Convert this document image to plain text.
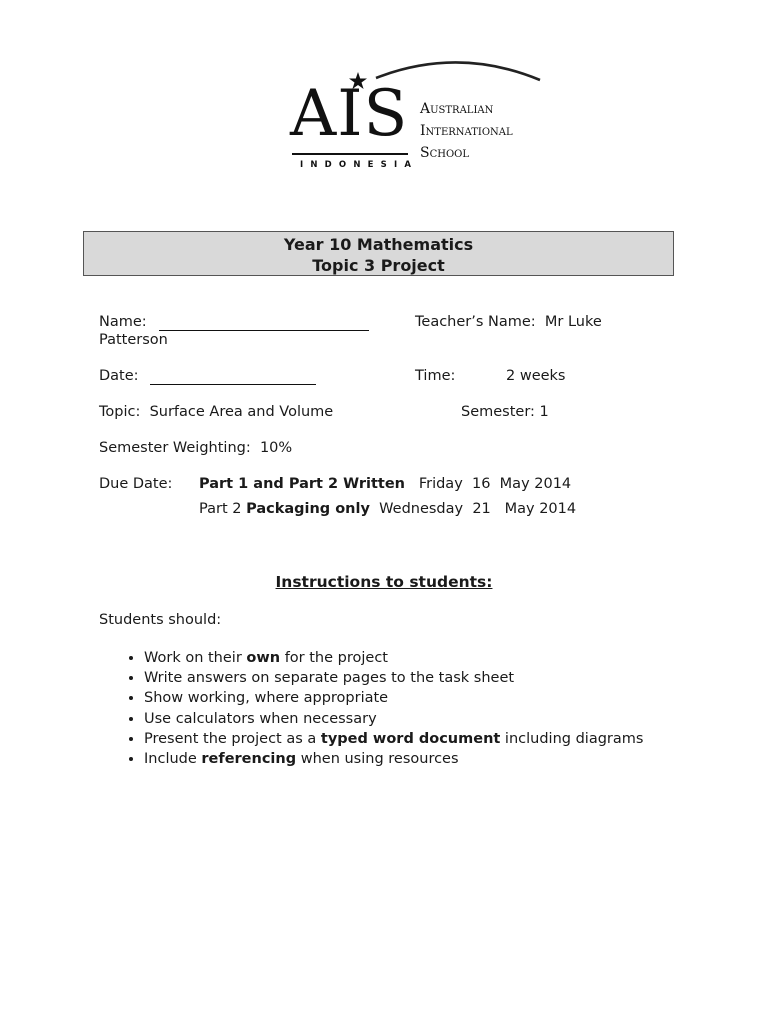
AIS
INDONESIA
Australian
International
School
Year 10 Mathematics
Topic 3 Project
Name:	Teacher’s Name: Mr Luke
Patterson
Date:	Time:	2 weeks
Topic: Surface Area and Volume	Semester: 1
Semester Weighting: 10%
Due Date: Part 1 and Part 2 Written Friday 16 May 2014
Part 2 Packaging only Wednesday 21 May 2014
Instructions to students:
Students should:
• Work on their own for the project
• Write answers on separate pages to the task sheet
• Show working, where appropriate
• Use calculators when necessary
• Present the project as a typed word document including diagrams
• Include referencing when using resources
